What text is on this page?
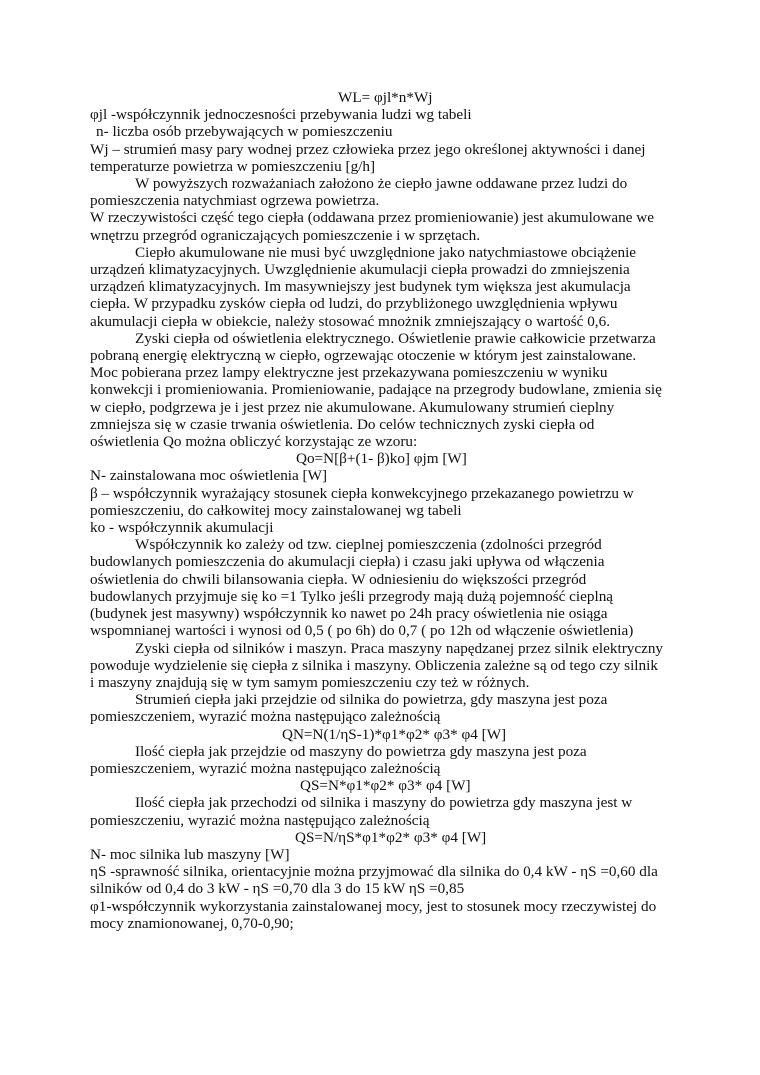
WL= φjl*n*Wj

φjl -współczynnik jednoczesności przebywania ludzi wg tabeli

n- liczba osób przebywających w pomieszczeniu

Wj – strumień masy pary wodnej przez człowieka przez jego określonej aktywności i danej

temperaturze powietrza w pomieszczeniu [g/h]

W powyższych rozważaniach założono że ciepło jawne oddawane przez ludzi do

pomieszczenia natychmiast ogrzewa powietrza.

W rzeczywistości część tego ciepła (oddawana przez promieniowanie) jest akumulowane we

wnętrzu przegród ograniczających pomieszczenie i w sprzętach.

Ciepło akumulowane nie musi być uwzględnione jako natychmiastowe obciążenie

urządzeń klimatyzacyjnych. Uwzględnienie akumulacji ciepła prowadzi do zmniejszenia

urządzeń klimatyzacyjnych. Im masywniejszy jest budynek tym większa jest akumulacja

ciepła. W przypadku zysków ciepła od ludzi, do przybliżonego uwzględnienia wpływu

akumulacji ciepła w obiekcie, należy stosować mnożnik zmniejszający o wartość 0,6.

Zyski ciepła od oświetlenia elektrycznego. Oświetlenie prawie całkowicie przetwarza

pobraną energię elektryczną w ciepło, ogrzewając otoczenie w którym jest zainstalowane.

Moc pobierana przez lampy elektryczne jest przekazywana pomieszczeniu w wyniku

konwekcji i promieniowania. Promieniowanie, padające na przegrody budowlane, zmienia się

w ciepło, podgrzewa je i jest przez nie akumulowane. Akumulowany strumień cieplny

zmniejsza się w czasie trwania oświetlenia. Do celów technicznych zyski ciepła od

oświetlenia Qo można obliczyć korzystając ze wzoru:

Qo=N[β+(1- β)ko] φjm [W]

N- zainstalowana moc oświetlenia [W]

β – współczynnik wyrażający stosunek ciepła konwekcyjnego przekazanego powietrzu w

pomieszczeniu, do całkowitej mocy zainstalowanej wg tabeli

ko - współczynnik akumulacji

Współczynnik ko zależy od tzw. cieplnej pomieszczenia (zdolności przegród

budowlanych pomieszczenia do akumulacji ciepła) i czasu jaki upływa od włączenia

oświetlenia do chwili bilansowania ciepła. W odniesieniu do większości przegród

budowlanych przyjmuje się ko =1 Tylko jeśli przegrody mają dużą pojemność cieplną

(budynek jest masywny) współczynnik ko nawet po 24h pracy oświetlenia nie osiąga

wspomnianej wartości i wynosi od 0,5 ( po 6h) do 0,7 ( po 12h od włączenie oświetlenia)

Zyski ciepła od silników i maszyn. Praca maszyny napędzanej przez silnik elektryczny

powoduje wydzielenie się ciepła z silnika i maszyny. Obliczenia zależne są od tego czy silnik

i maszyny znajdują się w tym samym pomieszczeniu czy też w różnych.

Strumień ciepła jaki przejdzie od silnika do powietrza, gdy maszyna jest poza

pomieszczeniem, wyrazić można następująco zależnością

QN=N(1/ηS-1)*φ1*φ2* φ3* φ4 [W]

Ilość ciepła jak przejdzie od maszyny do powietrza gdy maszyna jest poza

pomieszczeniem, wyrazić można następująco zależnością

QS=N*φ1*φ2* φ3* φ4 [W]

Ilość ciepła jak przechodzi od silnika i maszyny do powietrza gdy maszyna jest w

pomieszczeniu, wyrazić można następująco zależnością

QS=N/ηS*φ1*φ2* φ3* φ4 [W]

N- moc silnika lub maszyny [W]

ηS -sprawność silnika, orientacyjnie można przyjmować dla silnika do 0,4 kW - ηS =0,60 dla

silników od 0,4 do 3 kW - ηS =0,70 dla 3 do 15 kW ηS =0,85

φ1-współczynnik wykorzystania zainstalowanej mocy, jest to stosunek mocy rzeczywistej do

mocy znamionowanej, 0,70-0,90;
